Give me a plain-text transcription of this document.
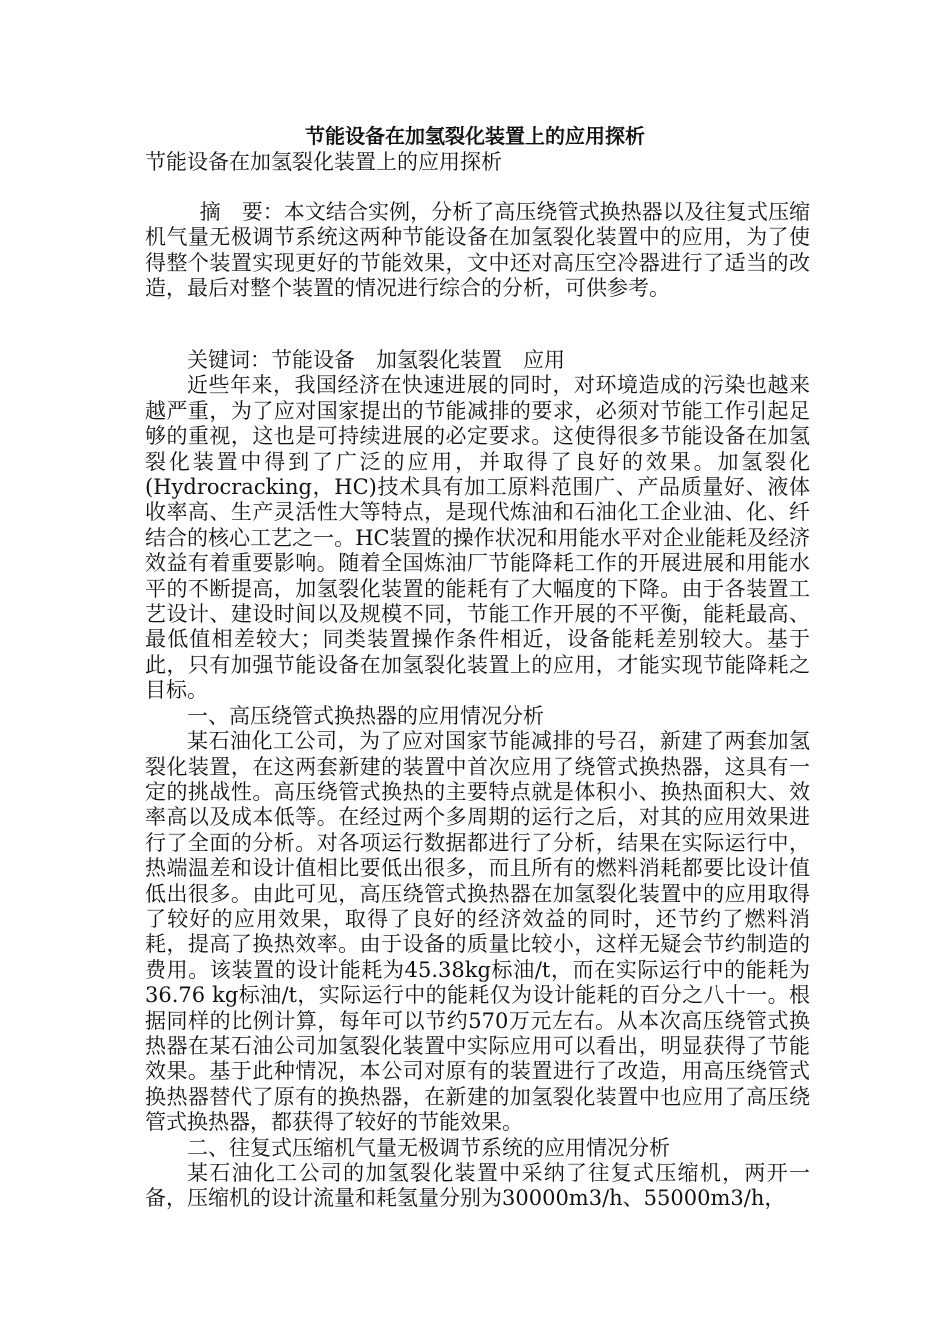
节能设备在加氢裂化装置上的应用探析
节能设备在加氢裂化装置上的应用探析

摘　要：本文结合实例，分析了高压绕管式换热器以及往复式压缩机气量无极调节系统这两种节能设备在加氢裂化装置中的应用，为了使得整个装置实现更好的节能效果，文中还对高压空冷器进行了适当的改造，最后对整个装置的情况进行综合的分析，可供参考。

关键词：节能设备　加氢裂化装置　应用

近些年来，我国经济在快速进展的同时，对环境造成的污染也越来越严重，为了应对国家提出的节能减排的要求，必须对节能工作引起足够的重视，这也是可持续进展的必定要求。这使得很多节能设备在加氢裂化装置中得到了广泛的应用，并取得了良好的效果。加氢裂化(Hydrocracking，HC)技术具有加工原料范围广、产品质量好、液体收率高、生产灵活性大等特点，是现代炼油和石油化工企业油、化、纤结合的核心工艺之一。HC装置的操作状况和用能水平对企业能耗及经济效益有着重要影响。随着全国炼油厂节能降耗工作的开展进展和用能水平的不断提高，加氢裂化装置的能耗有了大幅度的下降。由于各装置工艺设计、建设时间以及规模不同，节能工作开展的不平衡，能耗最高、最低值相差较大；同类装置操作条件相近，设备能耗差别较大。基于此，只有加强节能设备在加氢裂化装置上的应用，才能实现节能降耗之目标。

一、高压绕管式换热器的应用情况分析

某石油化工公司，为了应对国家节能减排的号召，新建了两套加氢裂化装置，在这两套新建的装置中首次应用了绕管式换热器，这具有一定的挑战性。高压绕管式换热的主要特点就是体积小、换热面积大、效率高以及成本低等。在经过两个多周期的运行之后，对其的应用效果进行了全面的分析。对各项运行数据都进行了分析，结果在实际运行中，热端温差和设计值相比要低出很多，而且所有的燃料消耗都要比设计值低出很多。由此可见，高压绕管式换热器在加氢裂化装置中的应用取得了较好的应用效果，取得了良好的经济效益的同时，还节约了燃料消耗，提高了换热效率。由于设备的质量比较小，这样无疑会节约制造的费用。该装置的设计能耗为45.38kg标油/t，而在实际运行中的能耗为36.76 kg标油/t，实际运行中的能耗仅为设计能耗的百分之八十一。根据同样的比例计算，每年可以节约570万元左右。从本次高压绕管式换热器在某石油公司加氢裂化装置中实际应用可以看出，明显获得了节能效果。基于此种情况，本公司对原有的装置进行了改造，用高压绕管式换热器替代了原有的换热器，在新建的加氢裂化装置中也应用了高压绕管式换热器，都获得了较好的节能效果。

二、往复式压缩机气量无极调节系统的应用情况分析

某石油化工公司的加氢裂化装置中采纳了往复式压缩机，两开一备，压缩机的设计流量和耗氢量分别为30000m3/h、55000m3/h，
